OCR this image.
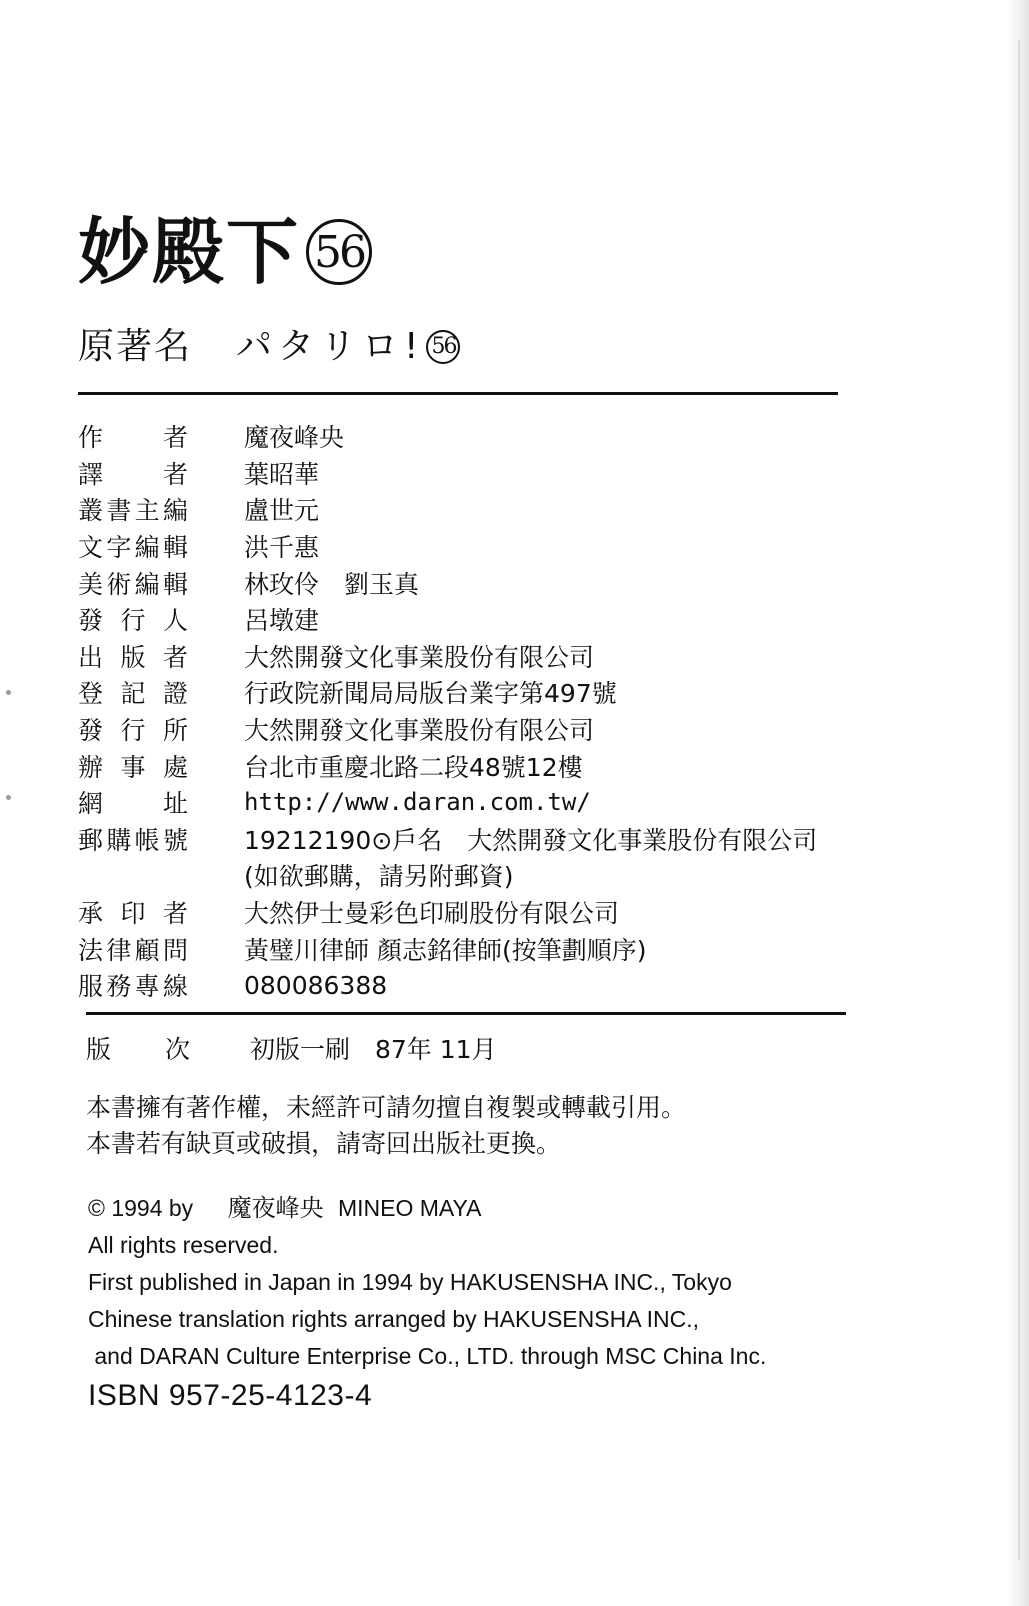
妙殿下 56
原著名 パタリロ! 56
作 者 魔夜峰央
譯 者 葉昭華
叢 書 主 編 盧世元
文 字 編 輯 洪千惠
美 術 編 輯 林玫伶　劉玉真
發 行 人 呂墩建
出 版 者 大然開發文化事業股份有限公司
登 記 證 行政院新聞局局版台業字第497號
發 行 所 大然開發文化事業股份有限公司
辦 事 處 台北市重慶北路二段48號12樓
網 址 http://www.daran.com.tw/
郵 購 帳 號 19212190⊙戶名　大然開發文化事業股份有限公司
(如欲郵購，請另附郵資)
承 印 者 大然伊士曼彩色印刷股份有限公司
法 律 顧 問 黃璧川律師 顏志銘律師(按筆劃順序)
服 務 專 線 080086388
版 次 初版一刷　87年 11月
本書擁有著作權，未經許可請勿擅自複製或轉載引用。
本書若有缺頁或破損，請寄回出版社更換。
© 1994 by 魔夜峰央 MINEO MAYA
All rights reserved.
First published in Japan in 1994 by HAKUSENSHA INC., Tokyo
Chinese translation rights arranged by HAKUSENSHA INC.,
and DARAN Culture Enterprise Co., LTD. through MSC China Inc.
ISBN 957-25-4123-4
